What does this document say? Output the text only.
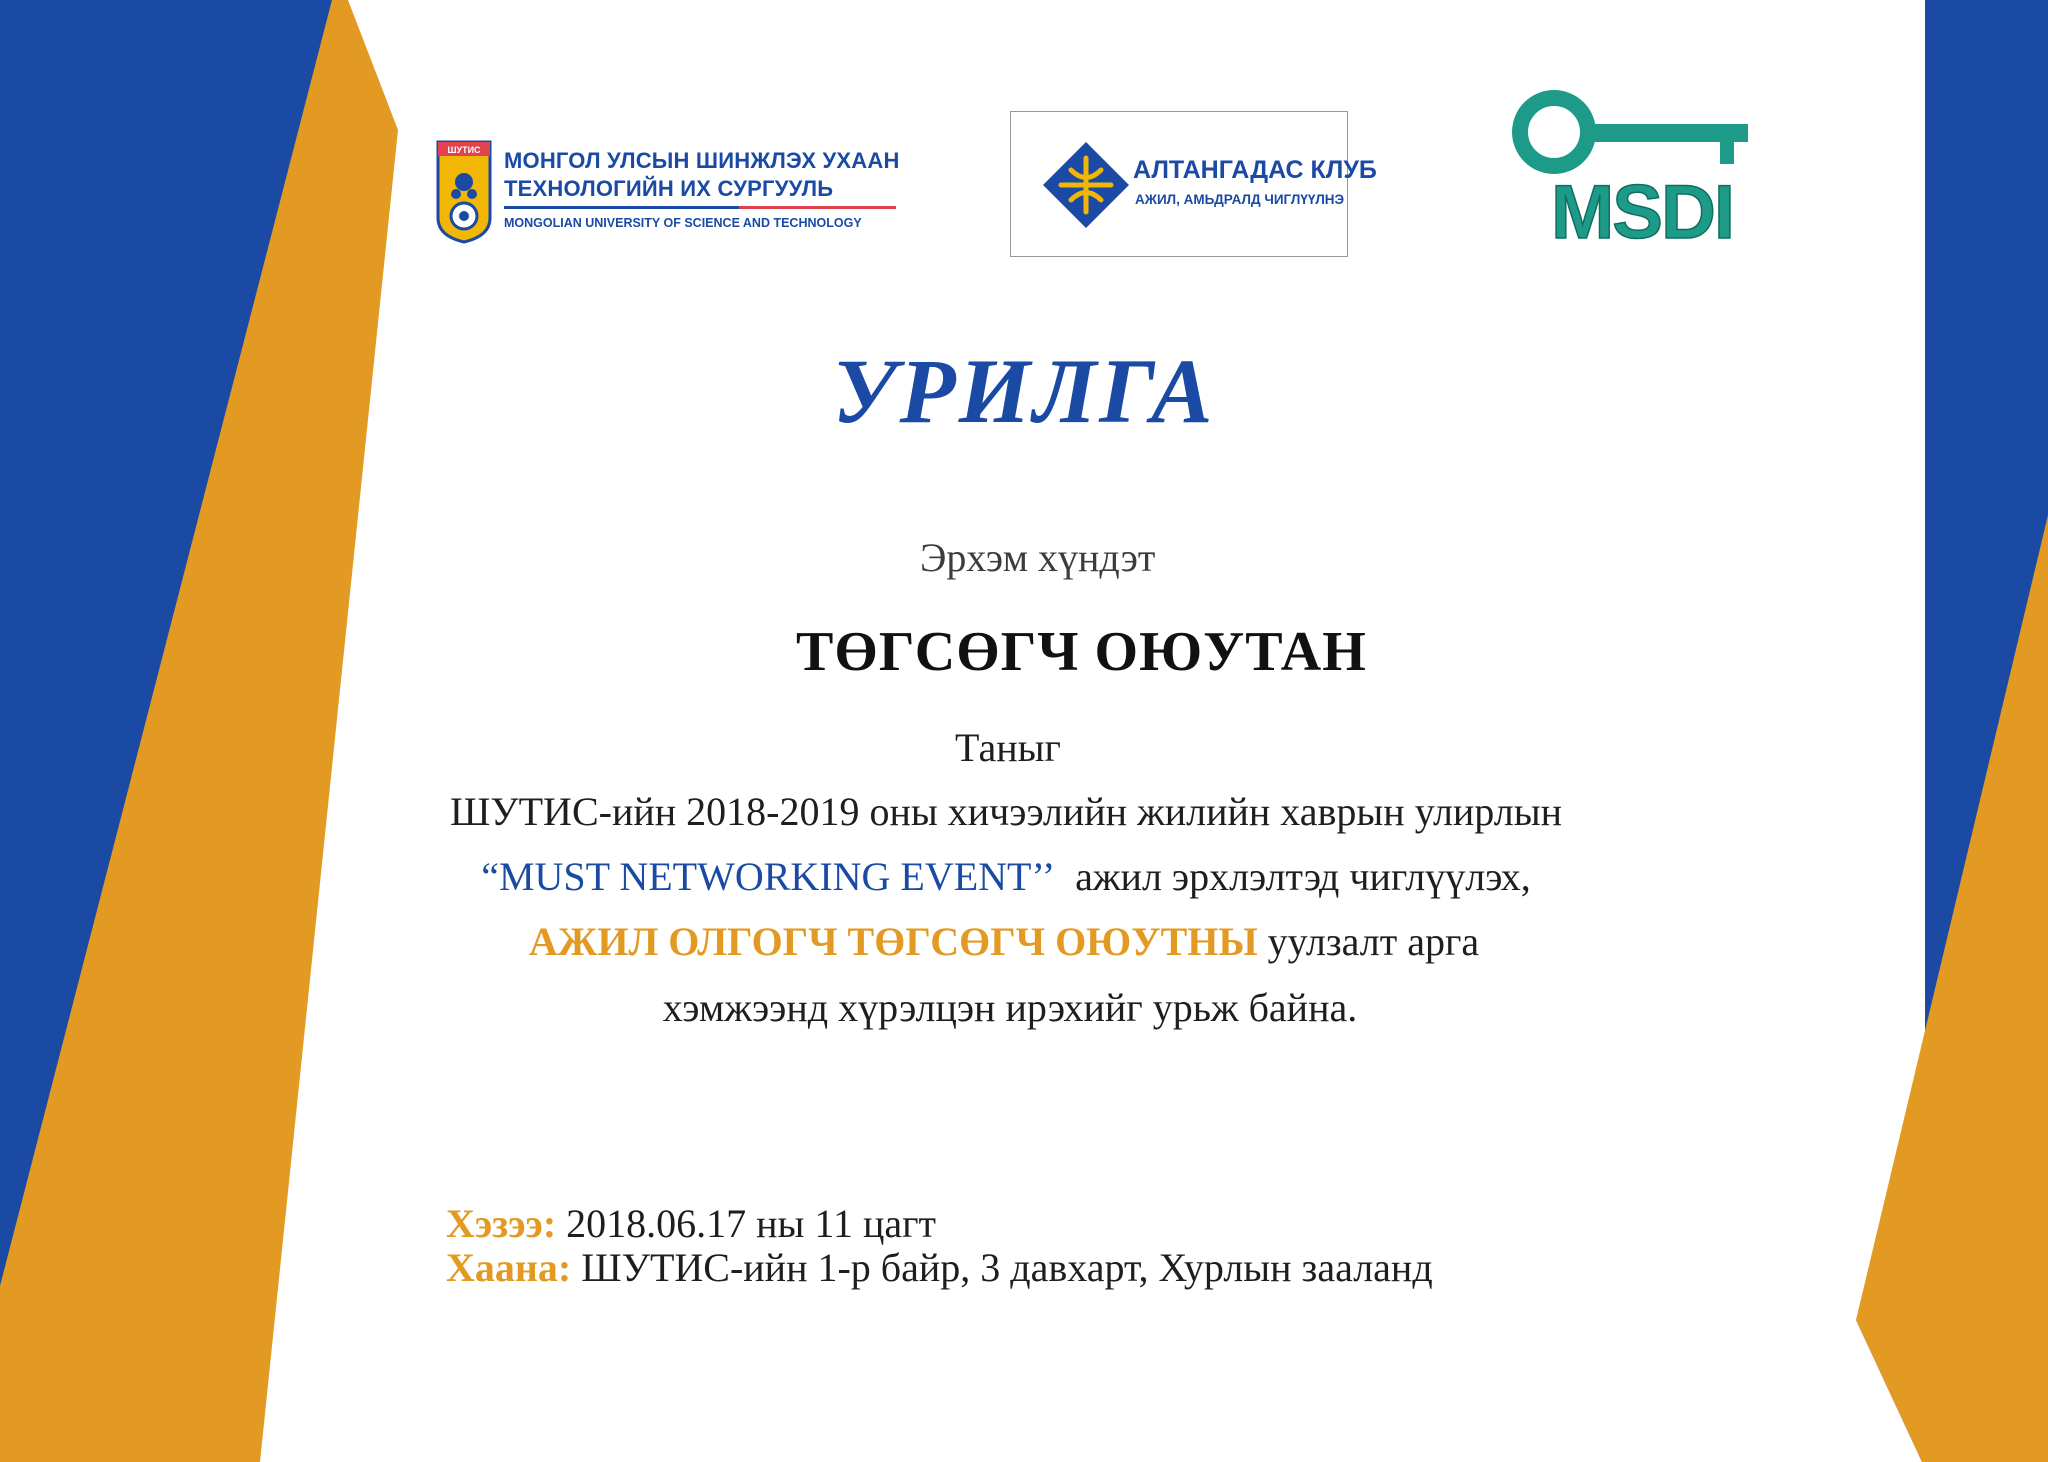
ШУТИС МОНГОЛ УЛСЫН ШИНЖЛЭХ УХААН
ТЕХНОЛОГИЙН ИХ СУРГУУЛЬ
MONGOLIAN UNIVERSITY OF SCIENCE AND TECHNOLOGY
АЛТАНГАДАС КЛУБ
АЖИЛ, АМЬДРАЛД ЧИГЛҮҮЛНЭ	MSDI
УРИЛГА
Эрхэм хүндэт
ТӨГСӨГЧ ОЮУТАН
Таныг
ШУТИС-ийн 2018-2019 оны хичээлийн жилийн хаврын улирлын
“MUST NETWORKING EVENT’’ ажил эрхлэлтэд чиглүүлэх,
АЖИЛ ОЛГОГЧ ТӨГСӨГЧ ОЮУТНЫ уулзалт арга
хэмжээнд хүрэлцэн ирэхийг урьж байна.
Хэзээ: 2018.06.17 ны 11 цагт
Хаана: ШУТИС-ийн 1-р байр, 3 давхарт, Хурлын зааланд
